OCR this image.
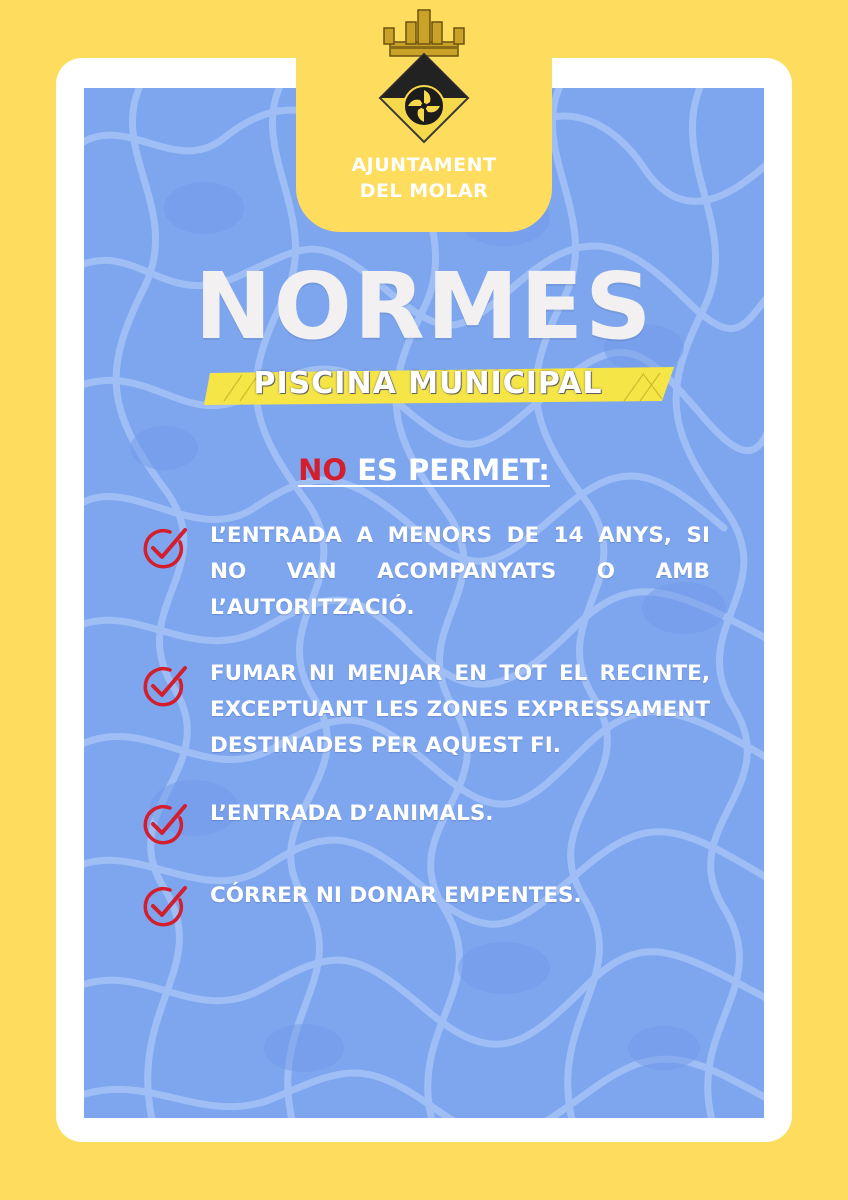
AJUNTAMENT
DEL MOLAR
NORMES
PISCINA MUNICIPAL
NO ES PERMET:
L’ENTRADA A MENORS DE 14 ANYS, SI NO VAN ACOMPANYATS O AMB L’AUTORITZACIÓ.
FUMAR NI MENJAR EN TOT EL RECINTE, EXCEPTUANT LES ZONES EXPRESSAMENT DESTINADES PER AQUEST FI.
L’ENTRADA D’ANIMALS.
CÓRRER NI DONAR EMPENTES.
